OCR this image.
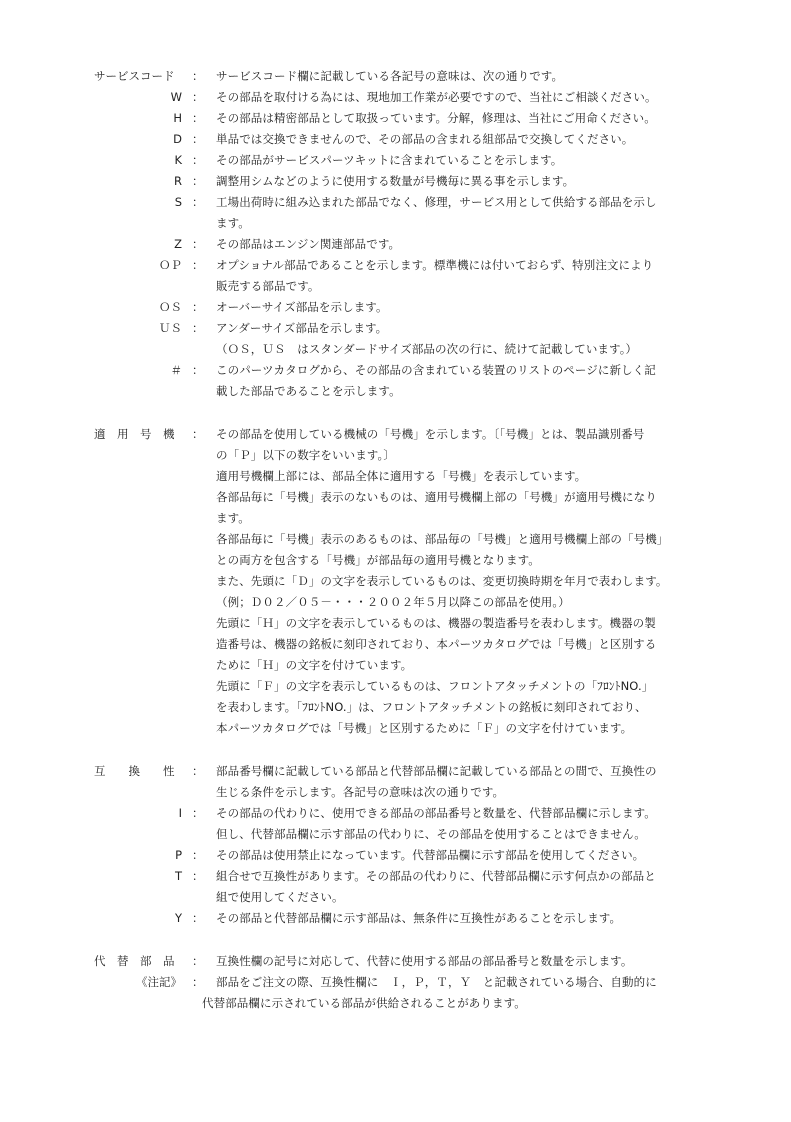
サービスコード	：	サービスコード欄に記載している各記号の意味は、次の通りです。
W ：	その部品を取付ける為には、現地加工作業が必要ですので、当社にご相談ください。
H ：	その部品は精密部品として取扱っています。分解，修理は、当社にご用命ください。
D ：	単品では交換できませんので、その部品の含まれる組部品で交換してください。
K ：	その部品がサービスパーツキットに含まれていることを示します。
R ：	調整用シムなどのように使用する数量が号機毎に異る事を示します。
S ：	工場出荷時に組み込まれた部品でなく、修理，サービス用として供給する部品を示し
ます。
Z ：	その部品はエンジン関連部品です。
ＯＰ ：	オプショナル部品であることを示します。標準機には付いておらず、特別注文により
販売する部品です。
ＯＳ ：	オーバーサイズ部品を示します。
ＵＳ ：	アンダーサイズ部品を示します。
（ＯＳ，ＵＳ　はスタンダードサイズ部品の次の行に、続けて記載しています。）
＃ ：	このパーツカタログから、その部品の含まれている装置のリストのページに新しく記
載した部品であることを示します。
適　用　号　機	：	その部品を使用している機械の「号機」を示します。〔「号機」とは、製品識別番号
の「Ｐ」以下の数字をいいます。〕
適用号機欄上部には、部品全体に適用する「号機」を表示しています。
各部品毎に「号機」表示のないものは、適用号機欄上部の「号機」が適用号機になり
ます。
各部品毎に「号機」表示のあるものは、部品毎の「号機」と適用号機欄上部の「号機」
との両方を包含する「号機」が部品毎の適用号機となります。
また、先頭に「Ｄ」の文字を表示しているものは、変更切換時期を年月で表わします。
（例；Ｄ０２／０５－・・・２００２年５月以降この部品を使用。）
先頭に「Ｈ」の文字を表示しているものは、機器の製造番号を表わします。機器の製
造番号は、機器の銘板に刻印されており、本パーツカタログでは「号機」と区別する
ために「Ｈ」の文字を付けています。
先頭に「Ｆ」の文字を表示しているものは、フロントアタッチメントの「ﾌﾛﾝﾄNO.」
を表わします。「ﾌﾛﾝﾄNO.」は、フロントアタッチメントの銘板に刻印されており、
本パーツカタログでは「号機」と区別するために「Ｆ」の文字を付けています。
互　　換　　性	：	部品番号欄に記載している部品と代替部品欄に記載している部品との間で、互換性の
生じる条件を示します。各記号の意味は次の通りです。
I ：	その部品の代わりに、使用できる部品の部品番号と数量を、代替部品欄に示します。
但し、代替部品欄に示す部品の代わりに、その部品を使用することはできません。
P ：	その部品は使用禁止になっています。代替部品欄に示す部品を使用してください。
T ：	組合せで互換性があります。その部品の代わりに、代替部品欄に示す何点かの部品と
組で使用してください。
Y ：	その部品と代替部品欄に示す部品は、無条件に互換性があることを示します。
代　替　部　品	：	互換性欄の記号に対応して、代替に使用する部品の部品番号と数量を示します。
《注記》 ：	部品をご注文の際、互換性欄に　Ｉ，Ｐ，Ｔ，Ｙ　と記載されている場合、自動的に
代替部品欄に示されている部品が供給されることがあります。
